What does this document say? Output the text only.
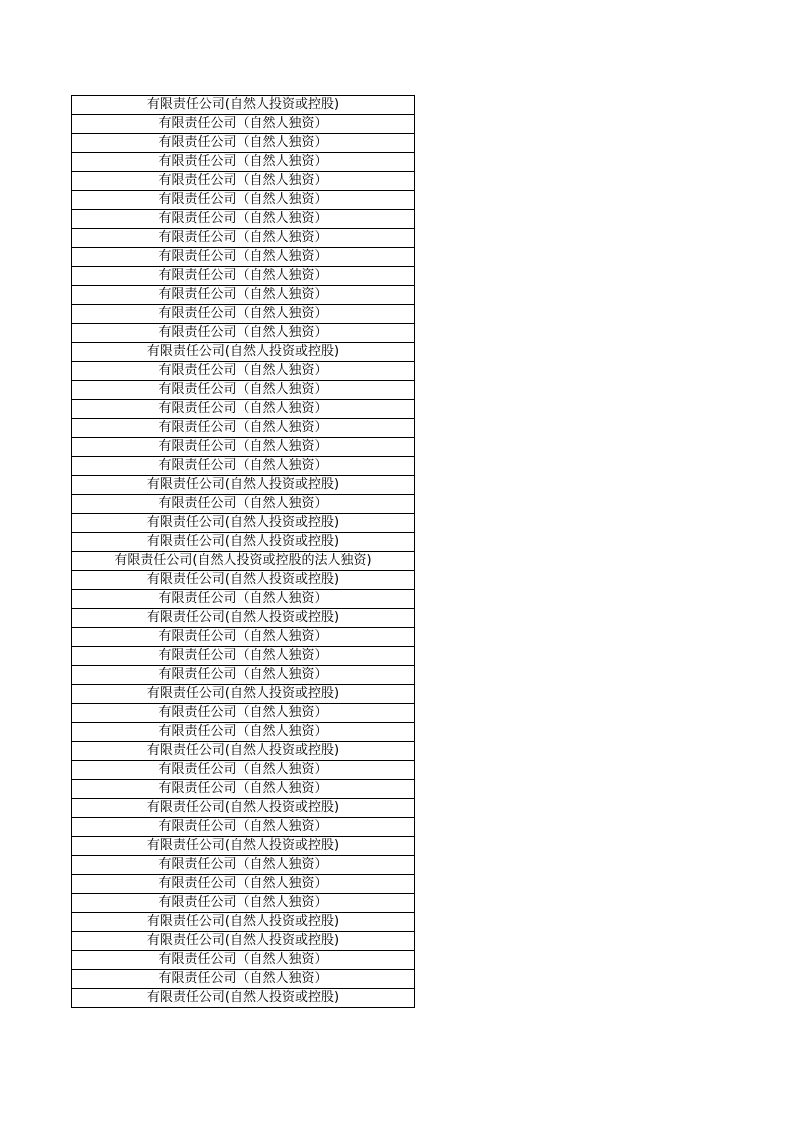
有限责任公司(自然人投资或控股)
有限责任公司（自然人独资）
有限责任公司（自然人独资）
有限责任公司（自然人独资）
有限责任公司（自然人独资）
有限责任公司（自然人独资）
有限责任公司（自然人独资）
有限责任公司（自然人独资）
有限责任公司（自然人独资）
有限责任公司（自然人独资）
有限责任公司（自然人独资）
有限责任公司（自然人独资）
有限责任公司（自然人独资）
有限责任公司(自然人投资或控股)
有限责任公司（自然人独资）
有限责任公司（自然人独资）
有限责任公司（自然人独资）
有限责任公司（自然人独资）
有限责任公司（自然人独资）
有限责任公司（自然人独资）
有限责任公司(自然人投资或控股)
有限责任公司（自然人独资）
有限责任公司(自然人投资或控股)
有限责任公司(自然人投资或控股)
有限责任公司(自然人投资或控股的法人独资)
有限责任公司(自然人投资或控股)
有限责任公司（自然人独资）
有限责任公司(自然人投资或控股)
有限责任公司（自然人独资）
有限责任公司（自然人独资）
有限责任公司（自然人独资）
有限责任公司(自然人投资或控股)
有限责任公司（自然人独资）
有限责任公司（自然人独资）
有限责任公司(自然人投资或控股)
有限责任公司（自然人独资）
有限责任公司（自然人独资）
有限责任公司(自然人投资或控股)
有限责任公司（自然人独资）
有限责任公司(自然人投资或控股)
有限责任公司（自然人独资）
有限责任公司（自然人独资）
有限责任公司（自然人独资）
有限责任公司(自然人投资或控股)
有限责任公司(自然人投资或控股)
有限责任公司（自然人独资）
有限责任公司（自然人独资）
有限责任公司(自然人投资或控股)
